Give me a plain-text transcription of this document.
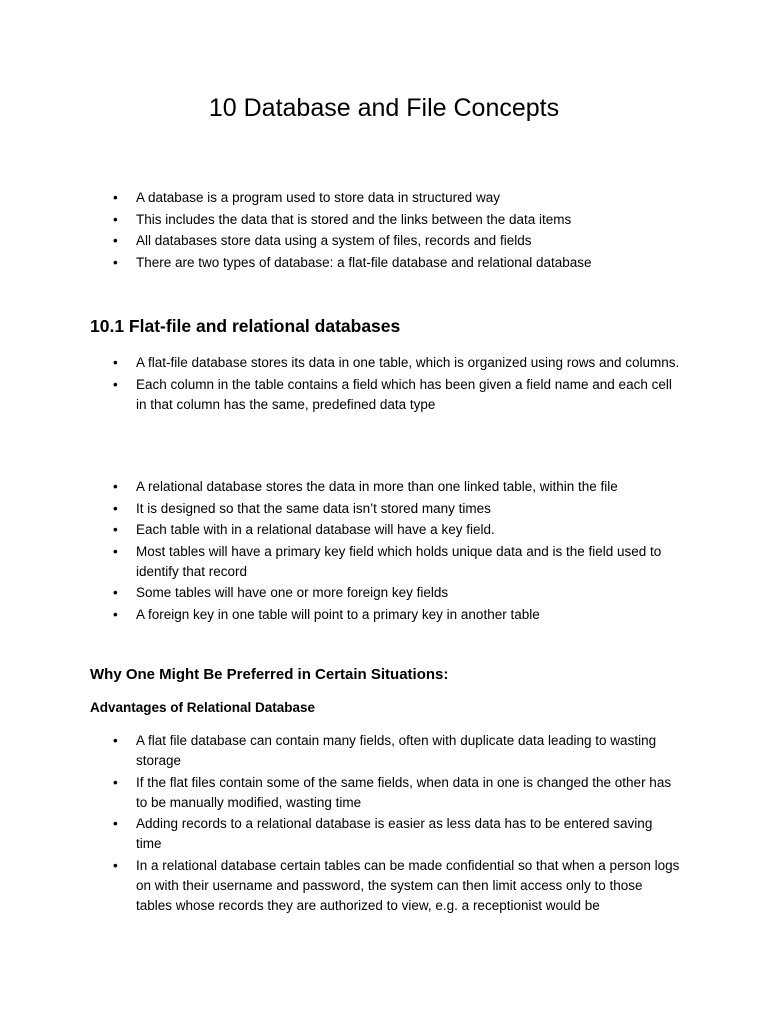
10 Database and File Concepts
• A database is a program used to store data in structured way
• This includes the data that is stored and the links between the data items
• All databases store data using a system of files, records and fields
• There are two types of database: a flat-file database and relational database
10.1 Flat-file and relational databases
• A flat-file database stores its data in one table, which is organized using rows and columns.
• Each column in the table contains a field which has been given a field name and each cell in that column has the same, predefined data type
• A relational database stores the data in more than one linked table, within the file
• It is designed so that the same data isn’t stored many times
• Each table with in a relational database will have a key field.
• Most tables will have a primary key field which holds unique data and is the field used to identify that record
• Some tables will have one or more foreign key fields
• A foreign key in one table will point to a primary key in another table
Why One Might Be Preferred in Certain Situations:
Advantages of Relational Database
• A flat file database can contain many fields, often with duplicate data leading to wasting storage
• If the flat files contain some of the same fields, when data in one is changed the other has to be manually modified, wasting time
• Adding records to a relational database is easier as less data has to be entered saving time
• In a relational database certain tables can be made confidential so that when a person logs on with their username and password, the system can then limit access only to those tables whose records they are authorized to view, e.g. a receptionist would be
